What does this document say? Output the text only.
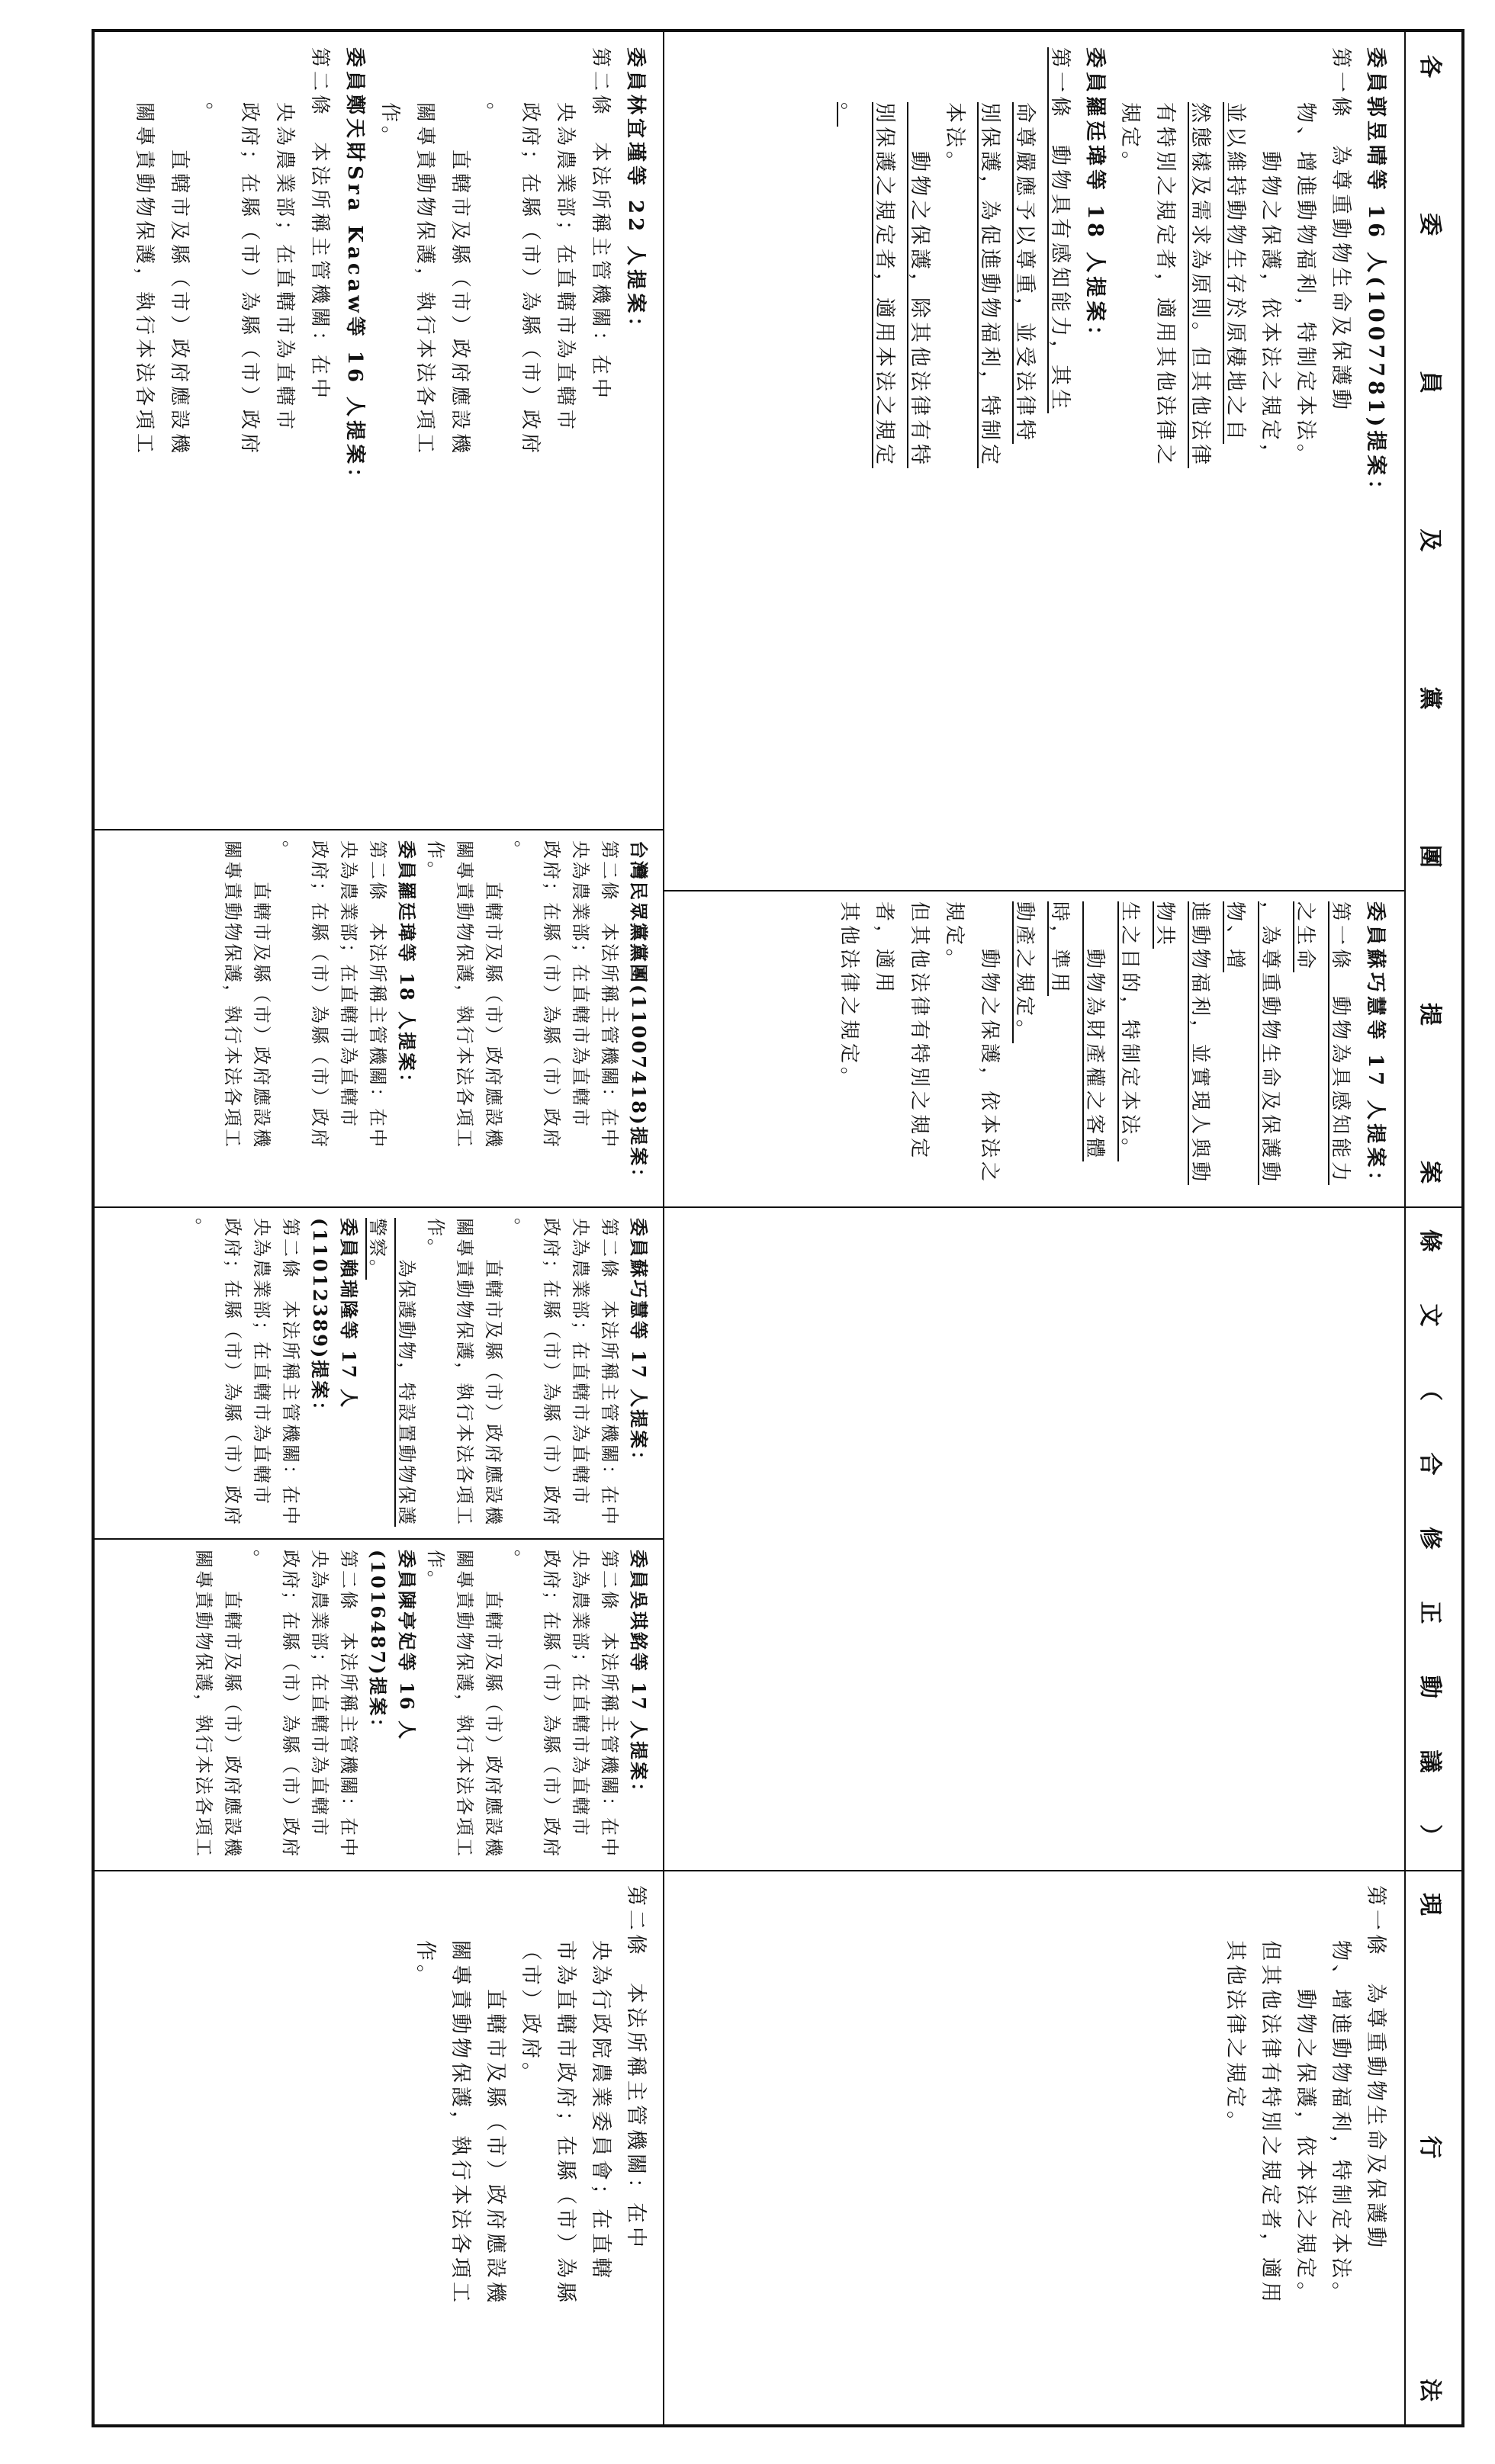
各
委
員
及
黨
團
提
案
條
文
（
合
修
正
動
議
）
現
行
法

委員郭昱晴等 16 人(1007781)提案：

第一條　為尊重動物生命及保護動

物、增進動物福利，特制定本法。

　　動物之保護，依本法之規定，

並以維持動物生存於原棲地之自

然態樣及需求為原則。但其他法律

有特別之規定者，適用其他法律之

規定。

委員羅廷瑋等 18 人提案：

第一條　動物具有感知能力，其生

命尊嚴應予以尊重，並受法律特

別保護，為促進動物福利，特制定

本法。

　　動物之保護，除其他法律有特

別保護之規定者，適用本法之規定

。

委員蘇巧慧等 17 人提案：

第一條　動物為具感知能力之生命

，為尊重動物生命及保護動物、增

進動物福利，並實現人與動物共

生之目的，特制定本法。

　　動物為財產權之客體時，準用

動產之規定。

　　動物之保護，依本法之規定。

但其他法律有特別之規定者，適用

其他法律之規定。

第一條　為尊重動物生命及保護動

物、增進動物福利，特制定本法。

　　動物之保護，依本法之規定。

但其他法律有特別之規定者，適用

其他法律之規定。

委員林宜瑾等 22 人提案：

第二條　本法所稱主管機關：在中

央為農業部；在直轄市為直轄市

政府；在縣（市）為縣（市）政府

。

　　直轄市及縣（市）政府應設機

關專責動物保護，執行本法各項工

作。

委員鄭天財Sra Kacaw等 16 人提案：

第二條　本法所稱主管機關：在中

央為農業部；在直轄市為直轄市

政府；在縣（市）為縣（市）政府

。

　　直轄市及縣（市）政府應設機

關專責動物保護，執行本法各項工

台灣民眾黨黨團(11007418)提案：

第二條　本法所稱主管機關：在中

央為農業部；在直轄市為直轄市

政府；在縣（市）為縣（市）政府

。

　　直轄市及縣（市）政府應設機

關專責動物保護，執行本法各項工

作。

委員羅廷瑋等 18 人提案：

第二條　本法所稱主管機關：在中

央為農業部；在直轄市為直轄市

政府；在縣（市）為縣（市）政府

。

　　直轄市及縣（市）政府應設機

關專責動物保護，執行本法各項工

委員蘇巧慧等 17 人提案：

第二條　本法所稱主管機關：在中

央為農業部；在直轄市為直轄市

政府；在縣（市）為縣（市）政府

。

　　直轄市及縣（市）政府應設機

關專責動物保護，執行本法各項工

作。

　　為保護動物，特設置動物保護

警察。

委員賴瑞隆等 17 人(11012389)提案：

第二條　本法所稱主管機關：在中

央為農業部；在直轄市為直轄市

政府；在縣（市）為縣（市）政府

。

委員吳琪銘等 17 人提案：

第二條　本法所稱主管機關：在中

央為農業部；在直轄市為直轄市

政府；在縣（市）為縣（市）政府

。

　　直轄市及縣（市）政府應設機

關專責動物保護，執行本法各項工

作。

委員陳亭妃等 16 人(1016487)提案：

第二條　本法所稱主管機關：在中

央為農業部；在直轄市為直轄市

政府；在縣（市）為縣（市）政府

。

　　直轄市及縣（市）政府應設機

關專責動物保護，執行本法各項工

第二條　本法所稱主管機關：在中

央為行政院農業委員會；在直轄

市為直轄市政府；在縣（市）為縣

（市）政府。

　　直轄市及縣（市）政府應設機

關專責動物保護，執行本法各項工

作。
